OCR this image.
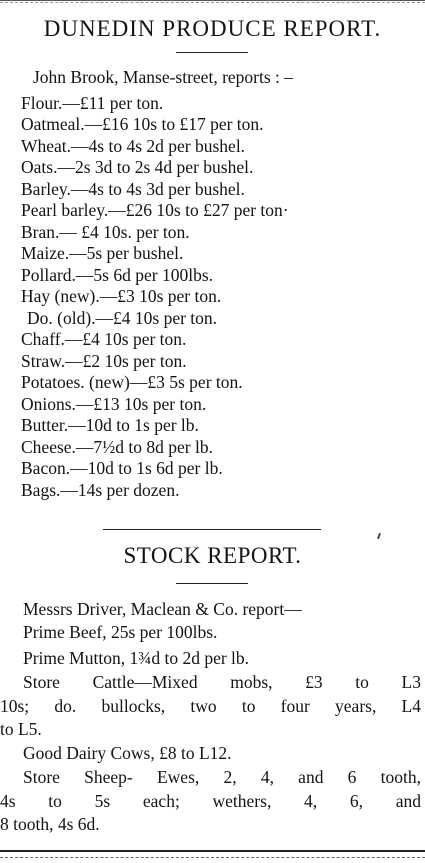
DUNEDIN PRODUCE REPORT.
John Brook, Manse-street, reports : –
Flour.—£11 per ton.
Oatmeal.—£16 10s to £17 per ton.
Wheat.—4s to 4s 2d per bushel.
Oats.—2s 3d to 2s 4d per bushel.
Barley.—4s to 4s 3d per bushel.
Pearl barley.—£26 10s to £27 per ton·
Bran.— £4 10s. per ton.
Maize.—5s per bushel.
Pollard.—5s 6d per 100lbs.
Hay (new).—£3 10s per ton.
Do. (old).—£4 10s per ton.
Chaff.—£4 10s per ton.
Straw.—£2 10s per ton.
Potatoes. (new)—£3 5s per ton.
Onions.—£13 10s per ton.
Butter.—10d to 1s per lb.
Cheese.—7½d to 8d per lb.
Bacon.—10d to 1s 6d per lb.
Bags.—14s per dozen.
STOCK REPORT.
Messrs Driver, Maclean & Co. report—
Prime Beef, 25s per 100lbs.
Prime Mutton, 1¾d to 2d per lb.
Store Cattle—Mixed mobs, £3 to L3
10s; do. bullocks, two to four years, L4
to L5.
Good Dairy Cows, £8 to L12.
Store Sheep- Ewes, 2, 4, and 6 tooth,
4s to 5s each; wethers, 4, 6, and
8 tooth, 4s 6d.
